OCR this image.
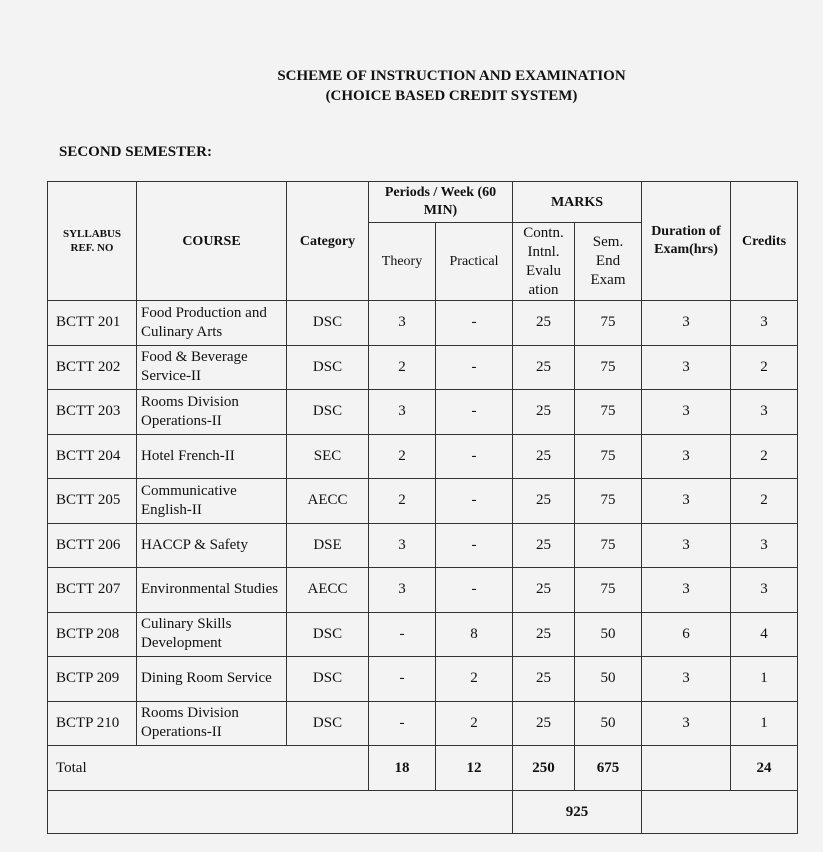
SCHEME OF INSTRUCTION AND EXAMINATION
(CHOICE BASED CREDIT SYSTEM)
SECOND SEMESTER:
SYLLABUS REF. NO	COURSE	Category	Periods / Week (60 MIN)		MARKS		Duration of Exam(hrs)	Credits
			Theory	Practical	Contn. Intnl. Evalu ation	Sem. End Exam		
BCTT 201	Food Production and Culinary Arts	DSC	3	-	25	75	3	3
BCTT 202	Food & Beverage Service-II	DSC	2	-	25	75	3	2
BCTT 203	Rooms Division Operations-II	DSC	3	-	25	75	3	3
BCTT 204	Hotel French-II	SEC	2	-	25	75	3	2
BCTT 205	Communicative English-II	AECC	2	-	25	75	3	2
BCTT 206	HACCP & Safety	DSE	3	-	25	75	3	3
BCTT 207	Environmental Studies	AECC	3	-	25	75	3	3
BCTP 208	Culinary Skills Development	DSC	-	8	25	50	6	4
BCTP 209	Dining Room Service	DSC	-	2	25	50	3	1
BCTP 210	Rooms Division Operations-II	DSC	-	2	25	50	3	1
Total			18	12	250	675		24
					925			
